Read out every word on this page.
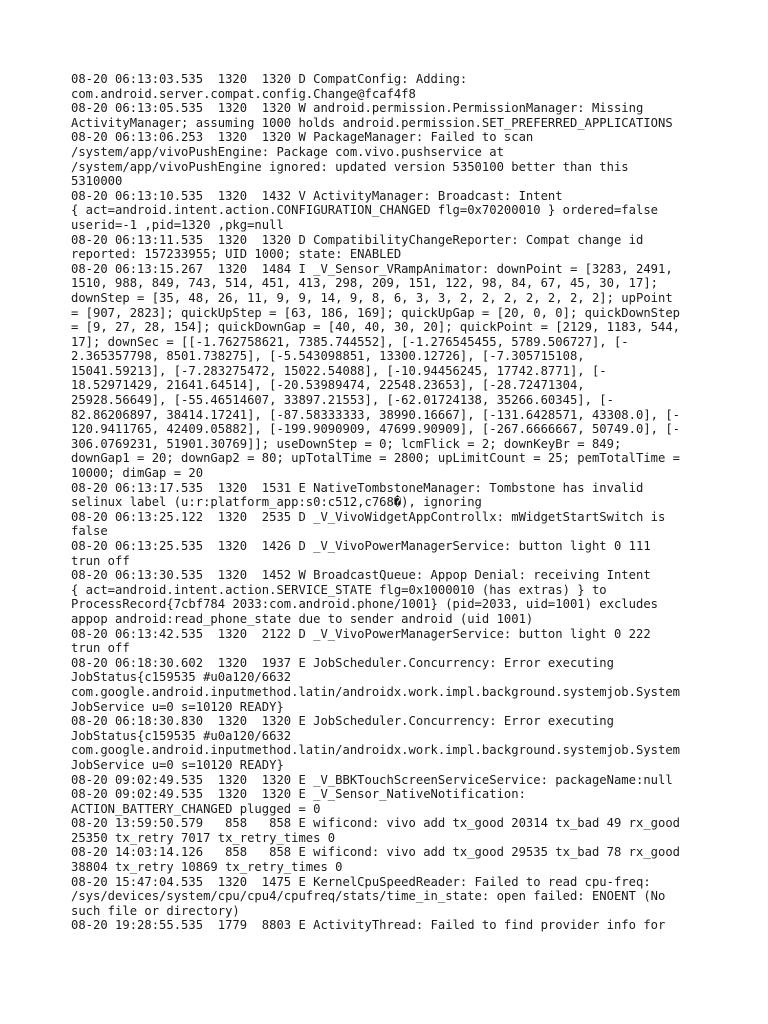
08-20 06:13:03.535  1320  1320 D CompatConfig: Adding:
com.android.server.compat.config.Change@fcaf4f8
08-20 06:13:05.535  1320  1320 W android.permission.PermissionManager: Missing
ActivityManager; assuming 1000 holds android.permission.SET_PREFERRED_APPLICATIONS
08-20 06:13:06.253  1320  1320 W PackageManager: Failed to scan
/system/app/vivoPushEngine: Package com.vivo.pushservice at
/system/app/vivoPushEngine ignored: updated version 5350100 better than this
5310000
08-20 06:13:10.535  1320  1432 V ActivityManager: Broadcast: Intent
{ act=android.intent.action.CONFIGURATION_CHANGED flg=0x70200010 } ordered=false
userid=-1 ,pid=1320 ,pkg=null
08-20 06:13:11.535  1320  1320 D CompatibilityChangeReporter: Compat change id
reported: 157233955; UID 1000; state: ENABLED
08-20 06:13:15.267  1320  1484 I _V_Sensor_VRampAnimator: downPoint = [3283, 2491,
1510, 988, 849, 743, 514, 451, 413, 298, 209, 151, 122, 98, 84, 67, 45, 30, 17];
downStep = [35, 48, 26, 11, 9, 9, 14, 9, 8, 6, 3, 3, 2, 2, 2, 2, 2, 2, 2]; upPoint
= [907, 2823]; quickUpStep = [63, 186, 169]; quickUpGap = [20, 0, 0]; quickDownStep
= [9, 27, 28, 154]; quickDownGap = [40, 40, 30, 20]; quickPoint = [2129, 1183, 544,
17]; downSec = [[-1.762758621, 7385.744552], [-1.276545455, 5789.506727], [-
2.365357798, 8501.738275], [-5.543098851, 13300.12726], [-7.305715108,
15041.59213], [-7.283275472, 15022.54088], [-10.94456245, 17742.8771], [-
18.52971429, 21641.64514], [-20.53989474, 22548.23653], [-28.72471304,
25928.56649], [-55.46514607, 33897.21553], [-62.01724138, 35266.60345], [-
82.86206897, 38414.17241], [-87.58333333, 38990.16667], [-131.6428571, 43308.0], [-
120.9411765, 42409.05882], [-199.9090909, 47699.90909], [-267.6666667, 50749.0], [-
306.0769231, 51901.30769]]; useDownStep = 0; lcmFlick = 2; downKeyBr = 849;
downGap1 = 20; downGap2 = 80; upTotalTime = 2800; upLimitCount = 25; pemTotalTime =
10000; dimGap = 20
08-20 06:13:17.535  1320  1531 E NativeTombstoneManager: Tombstone has invalid
selinux label (u:r:platform_app:s0:c512,c768�), ignoring
08-20 06:13:25.122  1320  2535 D _V_VivoWidgetAppControllx: mWidgetStartSwitch is
false
08-20 06:13:25.535  1320  1426 D _V_VivoPowerManagerService: button light 0 111
trun off
08-20 06:13:30.535  1320  1452 W BroadcastQueue: Appop Denial: receiving Intent
{ act=android.intent.action.SERVICE_STATE flg=0x1000010 (has extras) } to
ProcessRecord{7cbf784 2033:com.android.phone/1001} (pid=2033, uid=1001) excludes
appop android:read_phone_state due to sender android (uid 1001)
08-20 06:13:42.535  1320  2122 D _V_VivoPowerManagerService: button light 0 222
trun off
08-20 06:18:30.602  1320  1937 E JobScheduler.Concurrency: Error executing
JobStatus{c159535 #u0a120/6632
com.google.android.inputmethod.latin/androidx.work.impl.background.systemjob.System
JobService u=0 s=10120 READY}
08-20 06:18:30.830  1320  1320 E JobScheduler.Concurrency: Error executing
JobStatus{c159535 #u0a120/6632
com.google.android.inputmethod.latin/androidx.work.impl.background.systemjob.System
JobService u=0 s=10120 READY}
08-20 09:02:49.535  1320  1320 E _V_BBKTouchScreenServiceService: packageName:null
08-20 09:02:49.535  1320  1320 E _V_Sensor_NativeNotification:
ACTION_BATTERY_CHANGED plugged = 0
08-20 13:59:50.579   858   858 E wificond: vivo add tx_good 20314 tx_bad 49 rx_good
25350 tx_retry 7017 tx_retry_times 0
08-20 14:03:14.126   858   858 E wificond: vivo add tx_good 29535 tx_bad 78 rx_good
38804 tx_retry 10869 tx_retry_times 0
08-20 15:47:04.535  1320  1475 E KernelCpuSpeedReader: Failed to read cpu-freq:
/sys/devices/system/cpu/cpu4/cpufreq/stats/time_in_state: open failed: ENOENT (No
such file or directory)
08-20 19:28:55.535  1779  8803 E ActivityThread: Failed to find provider info for
